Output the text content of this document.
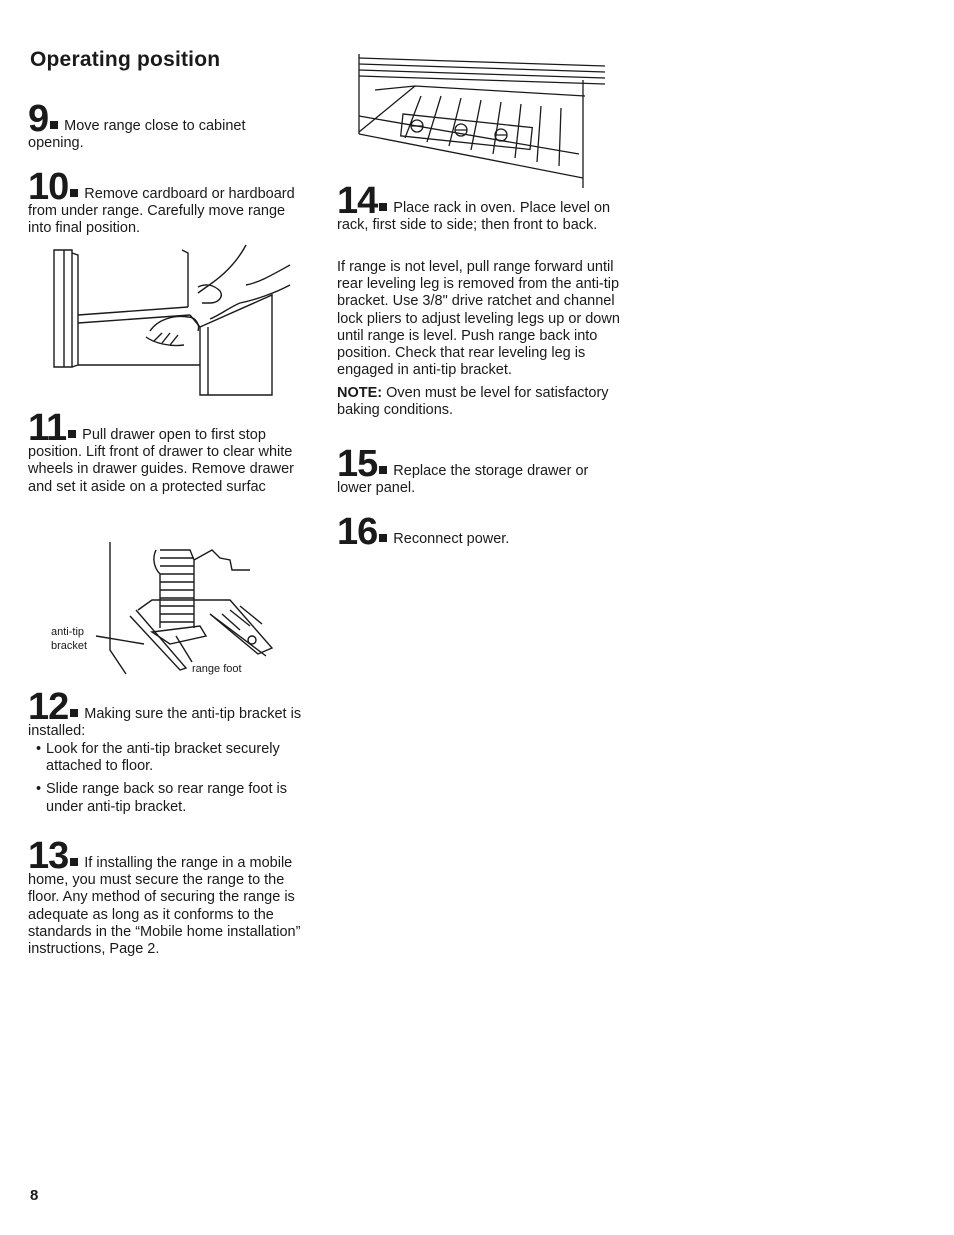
Operating position
9 Move range close to cabinet opening.
10 Remove cardboard or hardboard from under range. Carefully move range into final position.
11 Pull drawer open to first stop position. Lift front of drawer to clear white wheels in drawer guides. Remove drawer and set it aside on a protected surfac
anti-tip
bracket
range foot
12 Making sure the anti-tip bracket is installed:
• Look for the anti-tip bracket securely attached to floor.
• Slide range back so rear range foot is under anti-tip bracket.
13 If installing the range in a mobile home, you must secure the range to the floor. Any method of securing the range is adequate as long as it conforms to the standards in the “Mobile home installation” instructions, Page 2.
14 Place rack in oven. Place level on rack, first side to side; then front to back.
If range is not level, pull range forward until rear leveling leg is removed from the anti-tip bracket. Use 3/8" drive ratchet and channel lock pliers to adjust leveling legs up or down until range is level. Push range back into position. Check that rear leveling leg is engaged in anti-tip bracket.
NOTE: Oven must be level for satisfactory baking conditions.
15 Replace the storage drawer or lower panel.
16 Reconnect power.
8
